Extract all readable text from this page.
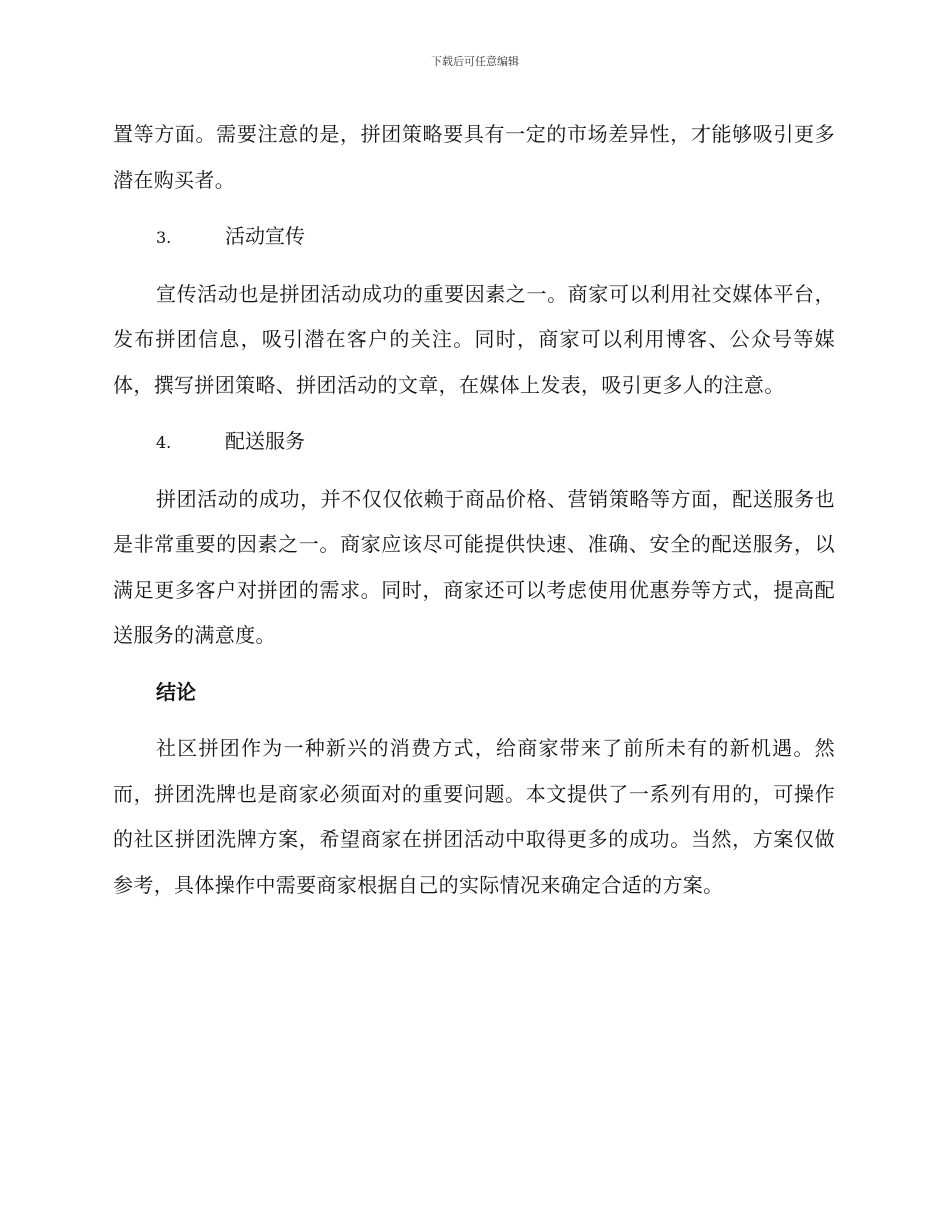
下载后可任意编辑

置等方面。需要注意的是，拼团策略要具有一定的市场差异性，才能够吸引更多潜在购买者。

3.	活动宣传

宣传活动也是拼团活动成功的重要因素之一。商家可以利用社交媒体平台，发布拼团信息，吸引潜在客户的关注。同时，商家可以利用博客、公众号等媒体，撰写拼团策略、拼团活动的文章，在媒体上发表，吸引更多人的注意。

4.	配送服务

拼团活动的成功，并不仅仅依赖于商品价格、营销策略等方面，配送服务也是非常重要的因素之一。商家应该尽可能提供快速、准确、安全的配送服务，以满足更多客户对拼团的需求。同时，商家还可以考虑使用优惠券等方式，提高配送服务的满意度。

结论

社区拼团作为一种新兴的消费方式，给商家带来了前所未有的新机遇。然而，拼团洗牌也是商家必须面对的重要问题。本文提供了一系列有用的，可操作的社区拼团洗牌方案，希望商家在拼团活动中取得更多的成功。当然，方案仅做参考，具体操作中需要商家根据自己的实际情况来确定合适的方案。
